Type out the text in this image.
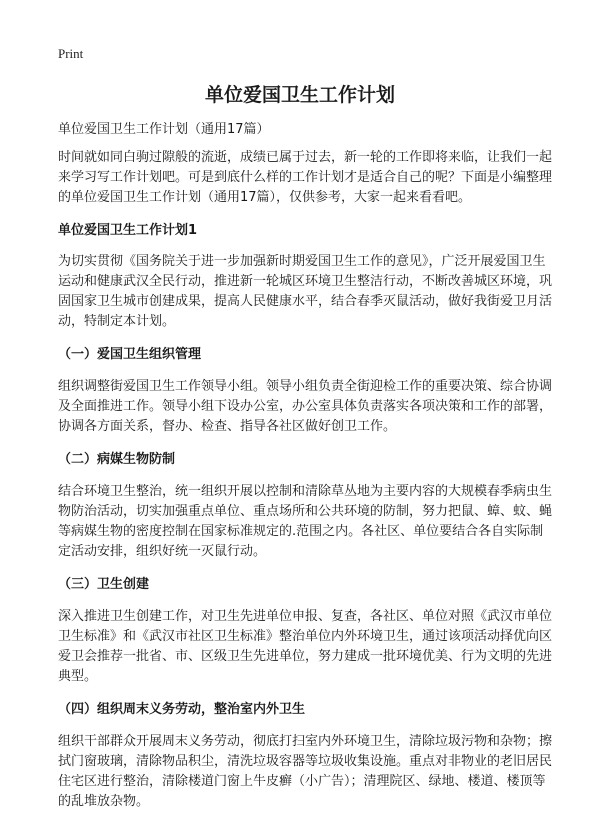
Print
单位爱国卫生工作计划

单位爱国卫生工作计划（通用17篇）

时间就如同白驹过隙般的流逝，成绩已属于过去，新一轮的工作即将来临，让我们一起来学习写工作计划吧。可是到底什么样的工作计划才是适合自己的呢？下面是小编整理的单位爱国卫生工作计划（通用17篇），仅供参考，大家一起来看看吧。

单位爱国卫生工作计划1

为切实贯彻《国务院关于进一步加强新时期爱国卫生工作的意见》，广泛开展爱国卫生运动和健康武汉全民行动，推进新一轮城区环境卫生整洁行动，不断改善城区环境，巩固国家卫生城市创建成果，提高人民健康水平，结合春季灭鼠活动，做好我街爱卫月活动，特制定本计划。

（一）爱国卫生组织管理

组织调整街爱国卫生工作领导小组。领导小组负责全街迎检工作的重要决策、综合协调及全面推进工作。领导小组下设办公室，办公室具体负责落实各项决策和工作的部署，协调各方面关系，督办、检查、指导各社区做好创卫工作。

（二）病媒生物防制

结合环境卫生整治，统一组织开展以控制和清除草丛地为主要内容的大规模春季病虫生物防治活动，切实加强重点单位、重点场所和公共环境的防制，努力把鼠、蟑、蚊、蝇等病媒生物的密度控制在国家标准规定的.范围之内。各社区、单位要结合各自实际制定活动安排，组织好统一灭鼠行动。

（三）卫生创建

深入推进卫生创建工作，对卫生先进单位申报、复查，各社区、单位对照《武汉市单位卫生标准》和《武汉市社区卫生标准》整治单位内外环境卫生，通过该项活动择优向区爱卫会推荐一批省、市、区级卫生先进单位，努力建成一批环境优美、行为文明的先进典型。

（四）组织周末义务劳动，整治室内外卫生

组织干部群众开展周末义务劳动，彻底打扫室内外环境卫生，清除垃圾污物和杂物；擦拭门窗玻璃，清除物品积尘，清洗垃圾容器等垃圾收集设施。重点对非物业的老旧居民住宅区进行整治，清除楼道门窗上牛皮癣（小广告）；清理院区、绿地、楼道、楼顶等的乱堆放杂物。
